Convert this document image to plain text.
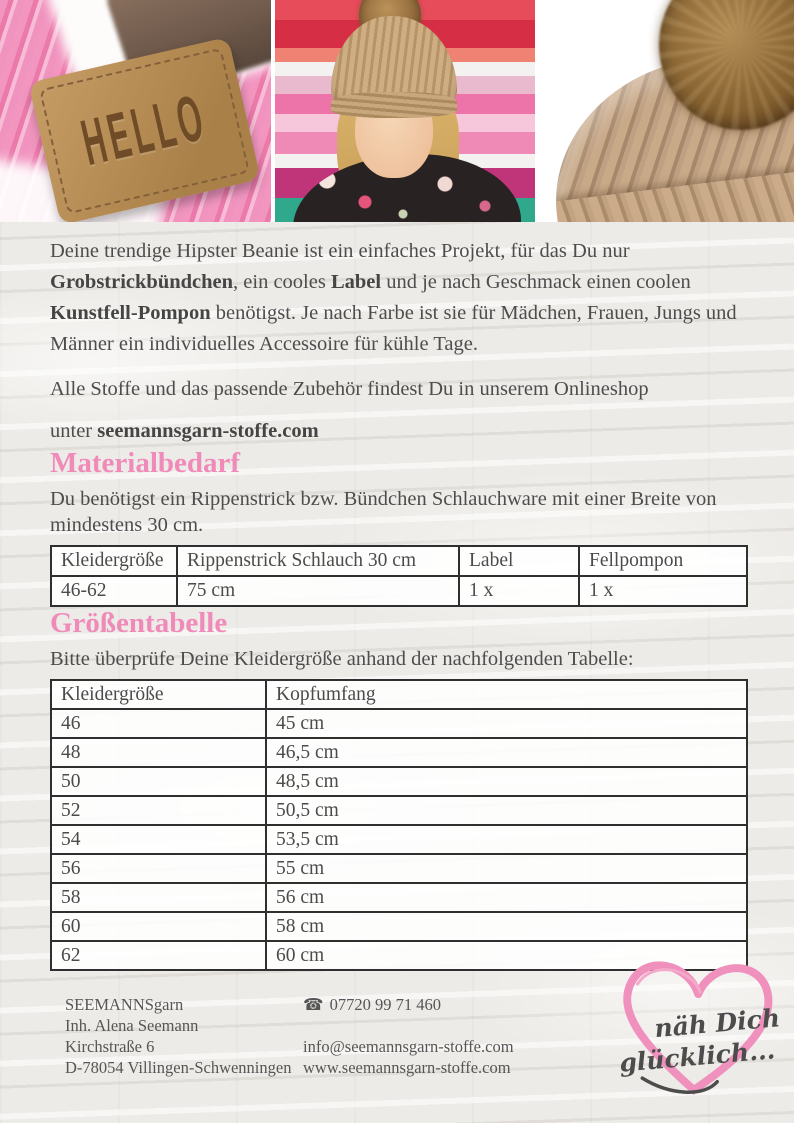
HELLO

Deine trendige Hipster Beanie ist ein einfaches Projekt, für das Du nur Grobstrickbündchen, ein cooles Label und je nach Geschmack einen coolen Kunstfell-Pompon benötigst. Je nach Farbe ist sie für Mädchen, Frauen, Jungs und Männer ein individuelles Accessoire für kühle Tage.

Alle Stoffe und das passende Zubehör findest Du in unserem Onlineshop
unter seemannsgarn-stoffe.com
Materialbedarf
Du benötigst ein Rippenstrick bzw. Bündchen Schlauchware mit einer Breite von mindestens 30 cm.
Kleidergröße	Rippenstrick Schlauch 30 cm	Label	Fellpompon
46-62	75 cm	1 x	1 x
Größentabelle
Bitte überprüfe Deine Kleidergröße anhand der nachfolgenden Tabelle:
Kleidergröße	Kopfumfang
46	45 cm
48	46,5 cm
50	48,5 cm
52	50,5 cm
54	53,5 cm
56	55 cm
58	56 cm
60	58 cm
62	60 cm
SEEMANNSgarn
Inh. Alena Seemann
Kirchstraße 6
D-78054 Villingen-Schwenningen
☎ 07720 99 71 460
info@seemannsgarn-stoffe.com
www.seemannsgarn-stoffe.com
näh Dich
glücklich...
